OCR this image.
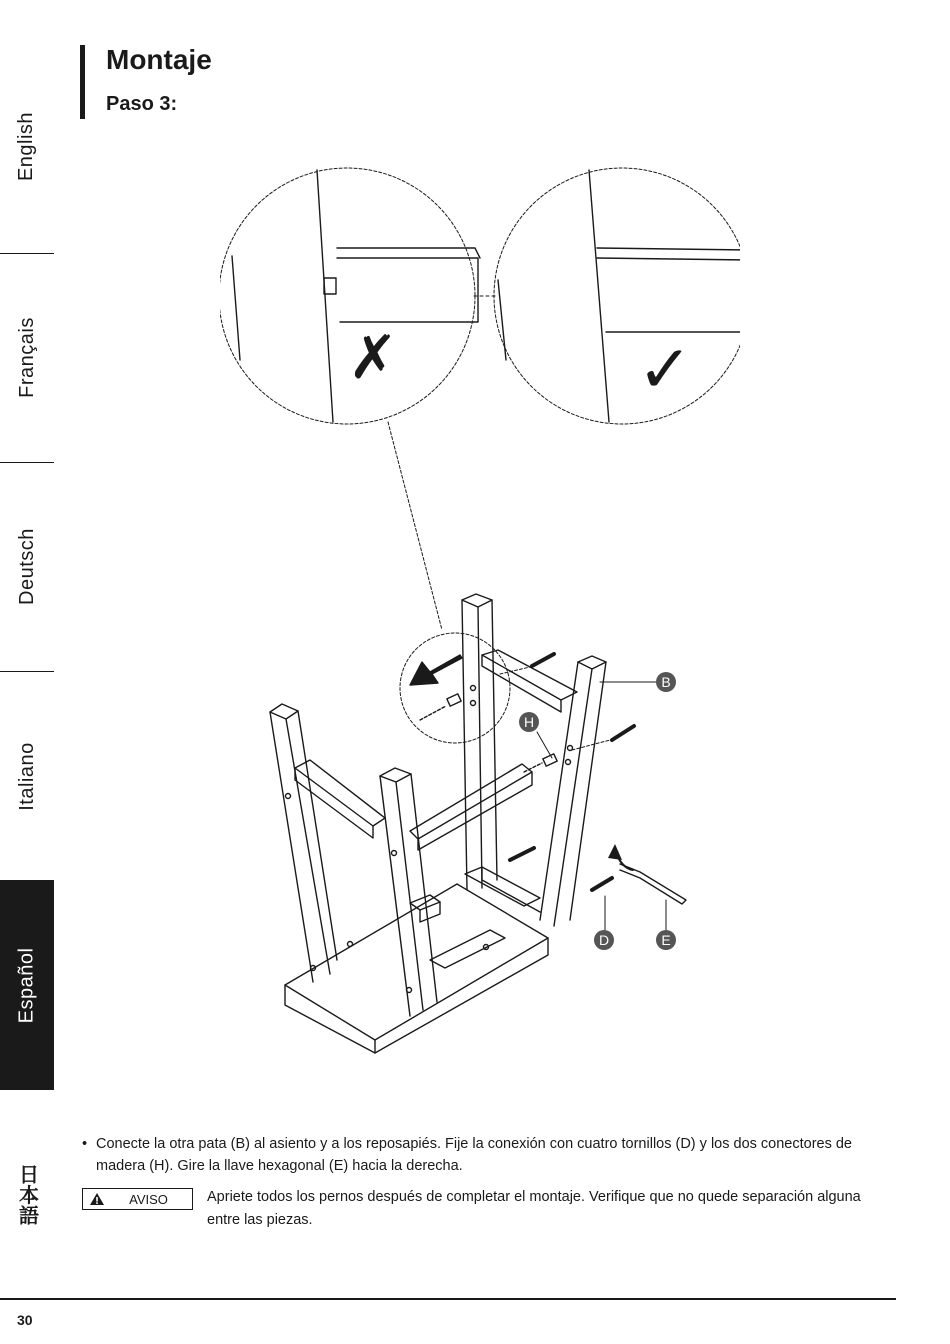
English
Français
Deutsch
Italiano
Español
日本語
Montaje
Paso 3:
✗	✓
B
H
D	E
• Conecte la otra pata (B) al asiento y a los reposapiés. Fije la conexión con cuatro tornillos (D) y los dos conectores de madera (H). Gire la llave hexagonal (E) hacia la derecha.
AVISO	Apriete todos los pernos después de completar el montaje. Verifique que no quede separación alguna entre las piezas.
30
